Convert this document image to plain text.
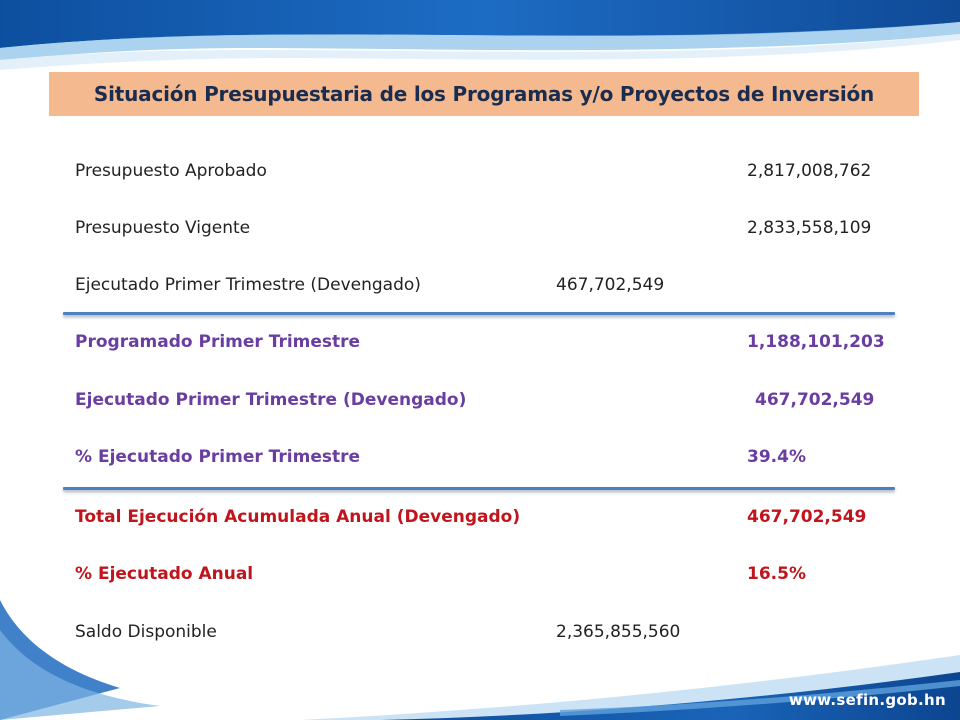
Situación Presupuestaria de los Programas y/o Proyectos de Inversión
Presupuesto Aprobado	2,817,008,762
Presupuesto Vigente	2,833,558,109
Ejecutado Primer Trimestre (Devengado)	467,702,549
Programado Primer Trimestre	1,188,101,203
Ejecutado Primer Trimestre (Devengado)	467,702,549
% Ejecutado Primer Trimestre	39.4%
Total Ejecución Acumulada Anual (Devengado)	467,702,549
% Ejecutado Anual	16.5%
Saldo Disponible	2,365,855,560
www.sefin.gob.hn
